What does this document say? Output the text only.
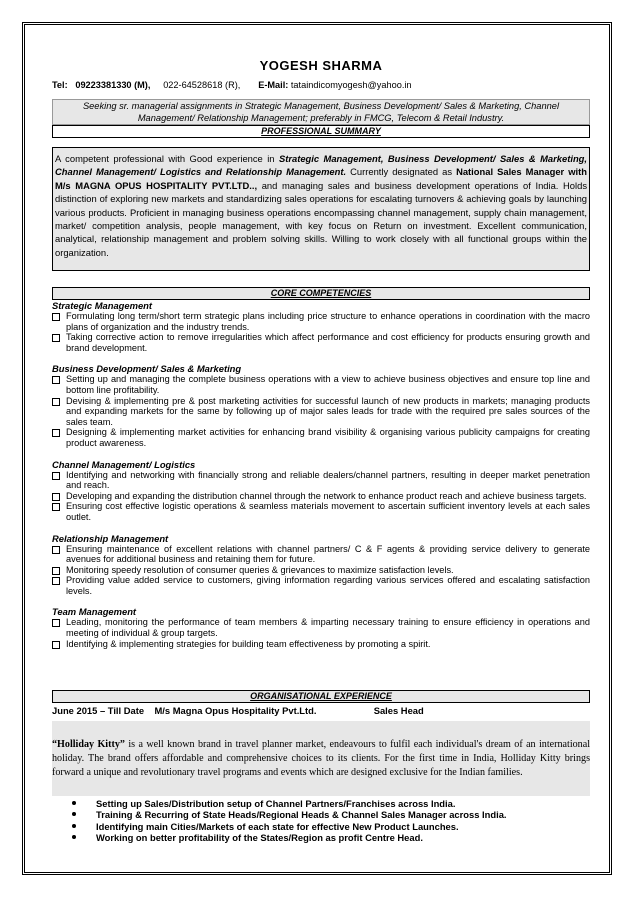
YOGESH SHARMA
Tel: 09223381330 (M), 022-64528618 (R), E-Mail: tataindicomyogesh@yahoo.in
Seeking sr. managerial assignments in Strategic Management, Business Development/ Sales & Marketing, Channel
Management/ Relationship Management; preferably in FMCG, Telecom & Retail Industry.
PROFESSIONAL SUMMARY
A competent professional with Good experience in Strategic Management, Business Development/ Sales & Marketing, Channel Management/ Logistics and Relationship Management. Currently designated as National Sales Manager with M/s MAGNA OPUS HOSPITALITY PVT.LTD.., and managing sales and business development operations of India. Holds distinction of exploring new markets and standardizing sales operations for escalating turnovers & achieving goals by launching various products. Proficient in managing business operations encompassing channel management, supply chain management, market/ competition analysis, people management, with key focus on Return on investment. Excellent communication, analytical, relationship management and problem solving skills. Willing to work closely with all functional groups within the organization.
CORE COMPETENCIES
Strategic Management
Formulating long term/short term strategic plans including price structure to enhance operations in coordination with the macro plans of organization and the industry trends.
Taking corrective action to remove irregularities which affect performance and cost efficiency for products ensuring growth and brand development.
Business Development/ Sales & Marketing
Setting up and managing the complete business operations with a view to achieve business objectives and ensure top line and bottom line profitability.
Devising & implementing pre & post marketing activities for successful launch of new products in markets; managing products and expanding markets for the same by following up of major sales leads for trade with the required pre sales sources of the sales team.
Designing & implementing market activities for enhancing brand visibility & organising various publicity campaigns for creating product awareness.
Channel Management/ Logistics
Identifying and networking with financially strong and reliable dealers/channel partners, resulting in deeper market penetration and reach.
Developing and expanding the distribution channel through the network to enhance product reach and achieve business targets.
Ensuring cost effective logistic operations & seamless materials movement to ascertain sufficient inventory levels at each sales outlet.
Relationship Management
Ensuring maintenance of excellent relations with channel partners/ C & F agents & providing service delivery to generate avenues for additional business and retaining them for future.
Monitoring speedy resolution of consumer queries & grievances to maximize satisfaction levels.
Providing value added service to customers, giving information regarding various services offered and escalating satisfaction levels.
Team Management
Leading, monitoring the performance of team members & imparting necessary training to ensure efficiency in operations and meeting of individual & group targets.
Identifying & implementing strategies for building team effectiveness by promoting a spirit.
ORGANISATIONAL EXPERIENCE
June 2015 – Till Date M/s Magna Opus Hospitality Pvt.Ltd.	Sales Head
“Holliday Kitty” is a well known brand in travel planner market, endeavours to fulfil each individual's dream of an international holiday. The brand offers affordable and comprehensive choices to its clients. For the first time in India, Holliday Kitty brings forward a unique and revolutionary travel programs and events which are designed exclusive for the Indian families.
Setting up Sales/Distribution setup of Channel Partners/Franchises across India.
Training & Recurring of State Heads/Regional Heads & Channel Sales Manager across India.
Identifying main Cities/Markets of each state for effective New Product Launches.
Working on better profitability of the States/Region as profit Centre Head.
